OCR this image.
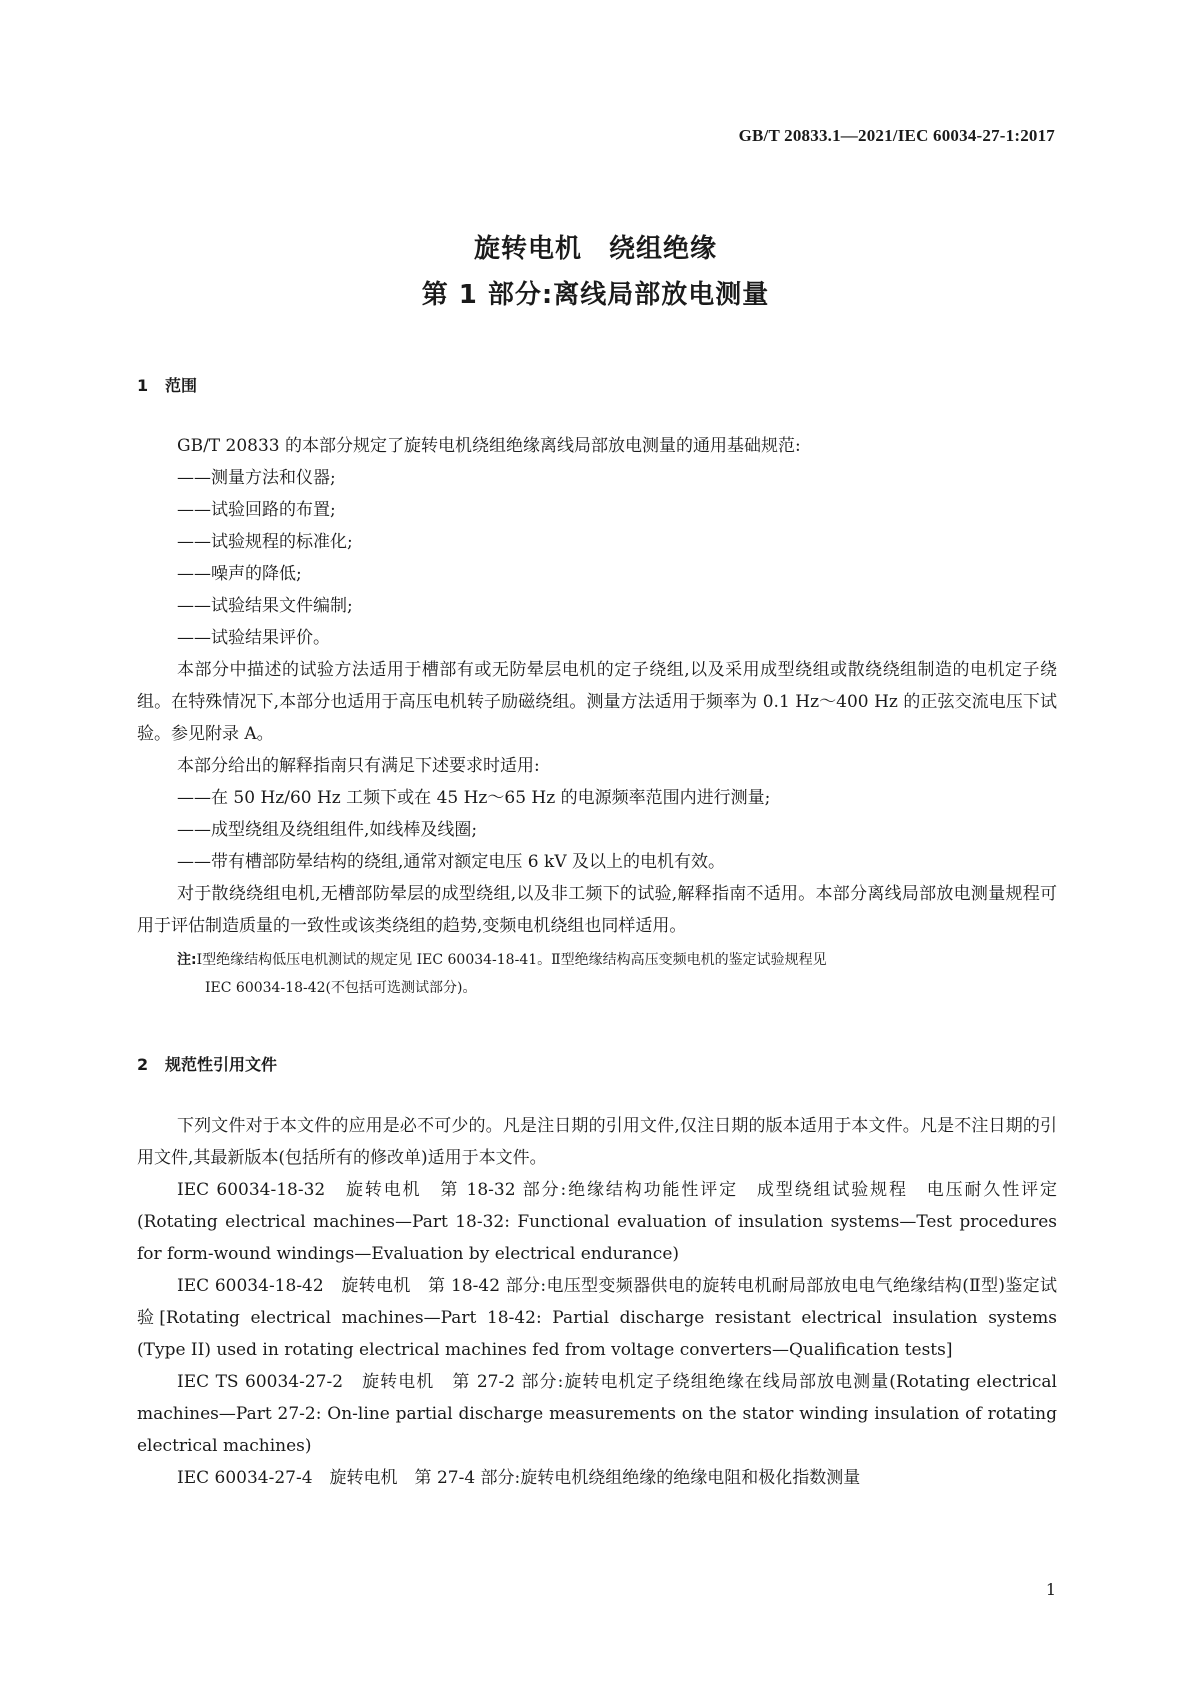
GB/T 20833.1—2021/IEC 60034-27-1:2017
旋转电机　绕组绝缘
第 1 部分:离线局部放电测量
1 范围

GB/T 20833 的本部分规定了旋转电机绕组绝缘离线局部放电测量的通用基础规范:

——测量方法和仪器;

——试验回路的布置;

——试验规程的标准化;

——噪声的降低;

——试验结果文件编制;

——试验结果评价。

本部分中描述的试验方法适用于槽部有或无防晕层电机的定子绕组,以及采用成型绕组或散绕绕组制造的电机定子绕组。在特殊情况下,本部分也适用于高压电机转子励磁绕组。测量方法适用于频率为 0.1 Hz～400 Hz 的正弦交流电压下试验。参见附录 A。

本部分给出的解释指南只有满足下述要求时适用:

——在 50 Hz/60 Hz 工频下或在 45 Hz～65 Hz 的电源频率范围内进行测量;

——成型绕组及绕组组件,如线棒及线圈;

——带有槽部防晕结构的绕组,通常对额定电压 6 kV 及以上的电机有效。

对于散绕绕组电机,无槽部防晕层的成型绕组,以及非工频下的试验,解释指南不适用。本部分离线局部放电测量规程可用于评估制造质量的一致性或该类绕组的趋势,变频电机绕组也同样适用。

注:Ⅰ型绝缘结构低压电机测试的规定见 IEC 60034-18-41。Ⅱ型绝缘结构高压变频电机的鉴定试验规程见

IEC 60034-18-42(不包括可选测试部分)。

2 规范性引用文件

下列文件对于本文件的应用是必不可少的。凡是注日期的引用文件,仅注日期的版本适用于本文件。凡是不注日期的引用文件,其最新版本(包括所有的修改单)适用于本文件。

IEC 60034-18-32　旋转电机　第 18-32 部分:绝缘结构功能性评定　成型绕组试验规程　电压耐久性评定(Rotating electrical machines—Part 18-32: Functional evaluation of insulation systems—Test procedures for form-wound windings—Evaluation by electrical endurance)

IEC 60034-18-42　旋转电机　第 18-42 部分:电压型变频器供电的旋转电机耐局部放电电气绝缘结构(Ⅱ型)鉴定试验[Rotating electrical machines—Part 18-42: Partial discharge resistant electrical insulation systems (Type II) used in rotating electrical machines fed from voltage converters—Qualification tests]

IEC TS 60034-27-2　旋转电机　第 27-2 部分:旋转电机定子绕组绝缘在线局部放电测量(Rotating electrical machines—Part 27-2: On-line partial discharge measurements on the stator winding insulation of rotating electrical machines)

IEC 60034-27-4　旋转电机　第 27-4 部分:旋转电机绕组绝缘的绝缘电阻和极化指数测量

1
